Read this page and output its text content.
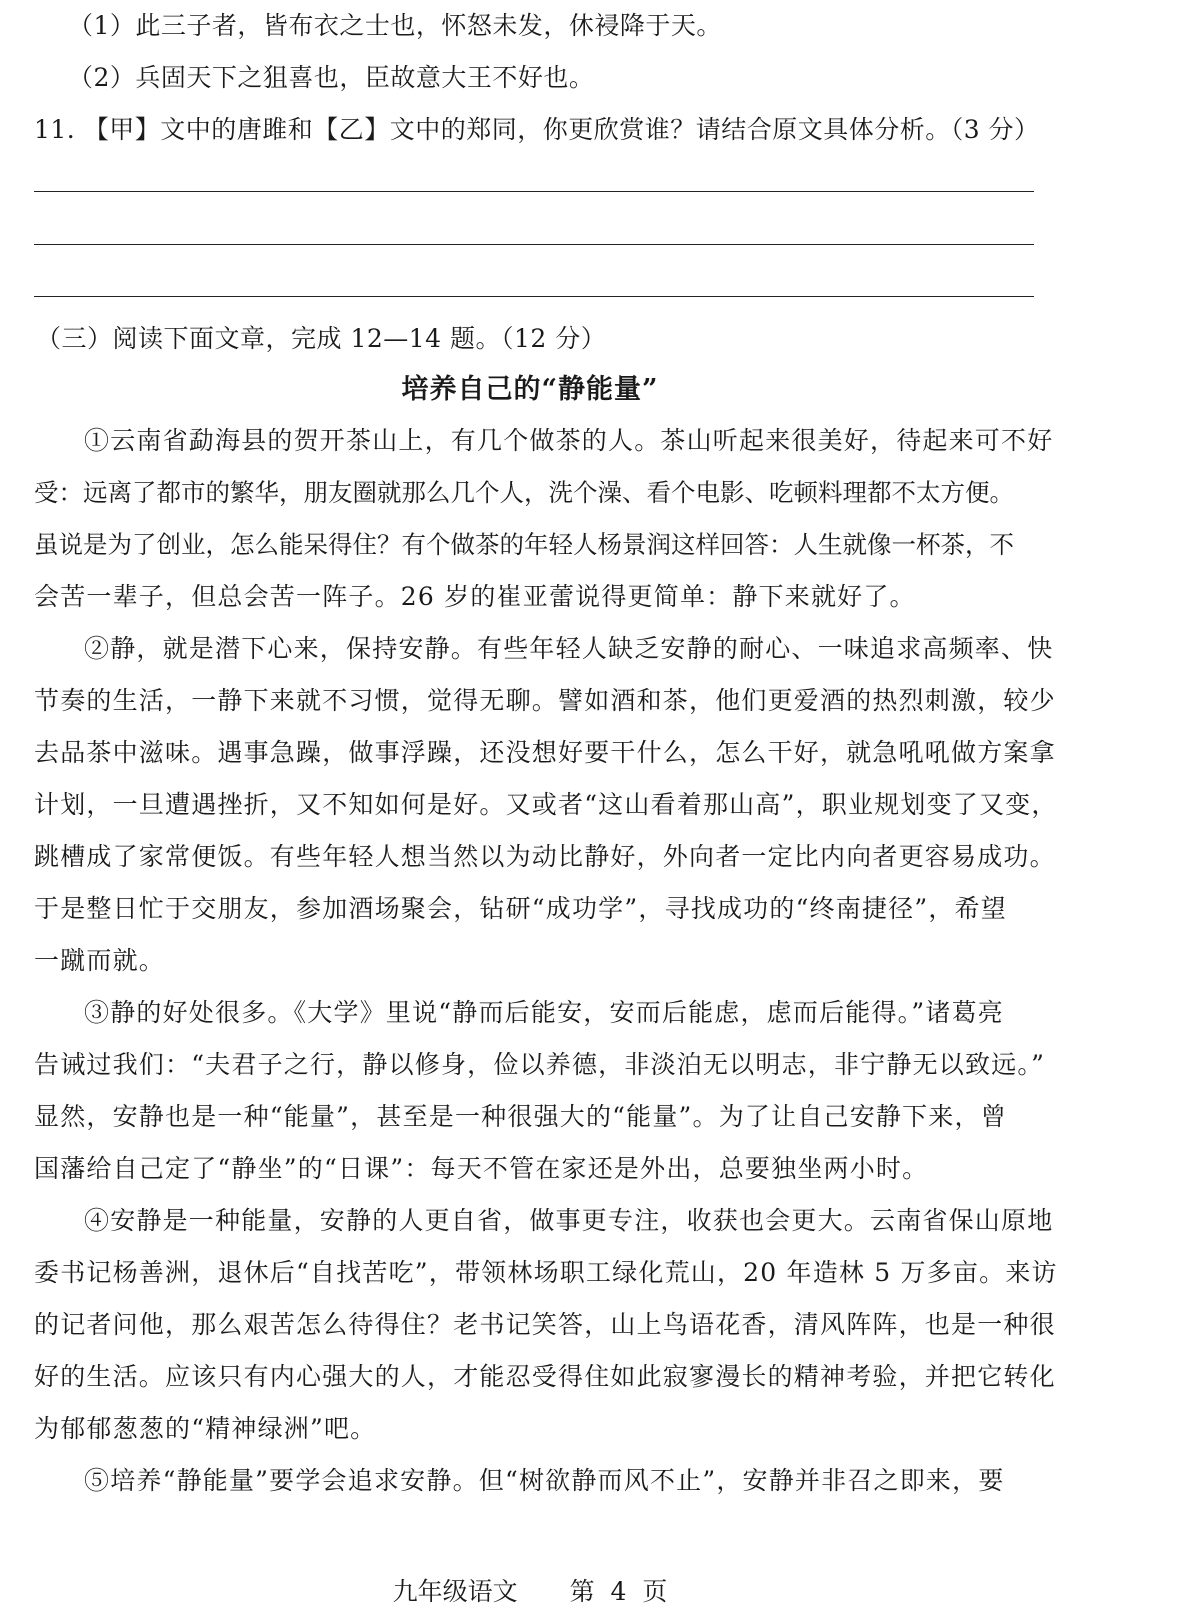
（1）此三子者，皆布衣之士也，怀怒未发，休祲降于天。
（2）兵固天下之狙喜也，臣故意大王不好也。
11. 【甲】文中的唐雎和【乙】文中的郑同，你更欣赏谁？请结合原文具体分析。（3 分）
（三）阅读下面文章，完成 12—14 题。（12 分）
培养自己的“静能量”
①云南省勐海县的贺开茶山上，有几个做茶的人。茶山听起来很美好，待起来可不好
受：远离了都市的繁华，朋友圈就那么几个人，洗个澡、看个电影、吃顿料理都不太方便。
虽说是为了创业，怎么能呆得住？有个做茶的年轻人杨景润这样回答：人生就像一杯茶，不
会苦一辈子，但总会苦一阵子。26 岁的崔亚蕾说得更简单：静下来就好了。
②静，就是潜下心来，保持安静。有些年轻人缺乏安静的耐心、一味追求高频率、快
节奏的生活，一静下来就不习惯，觉得无聊。譬如酒和茶，他们更爱酒的热烈刺激，较少
去品茶中滋味。遇事急躁，做事浮躁，还没想好要干什么，怎么干好，就急吼吼做方案拿
计划，一旦遭遇挫折，又不知如何是好。又或者“这山看着那山高”，职业规划变了又变，
跳槽成了家常便饭。有些年轻人想当然以为动比静好，外向者一定比内向者更容易成功。
于是整日忙于交朋友，参加酒场聚会，钻研“成功学”，寻找成功的“终南捷径”，希望
一蹴而就。
③静的好处很多。《大学》里说“静而后能安，安而后能虑，虑而后能得。”诸葛亮
告诫过我们：“夫君子之行，静以修身，俭以养德，非淡泊无以明志，非宁静无以致远。”
显然，安静也是一种“能量”，甚至是一种很强大的“能量”。为了让自己安静下来，曾
国藩给自己定了“静坐”的“日课”：每天不管在家还是外出，总要独坐两小时。
④安静是一种能量，安静的人更自省，做事更专注，收获也会更大。云南省保山原地
委书记杨善洲，退休后“自找苦吃”，带领林场职工绿化荒山，20 年造林 5 万多亩。来访
的记者问他，那么艰苦怎么待得住？老书记笑答，山上鸟语花香，清风阵阵，也是一种很
好的生活。应该只有内心强大的人，才能忍受得住如此寂寥漫长的精神考验，并把它转化
为郁郁葱葱的“精神绿洲”吧。
⑤培养“静能量”要学会追求安静。但“树欲静而风不止”，安静并非召之即来，要
九年级语文 第 4 页
